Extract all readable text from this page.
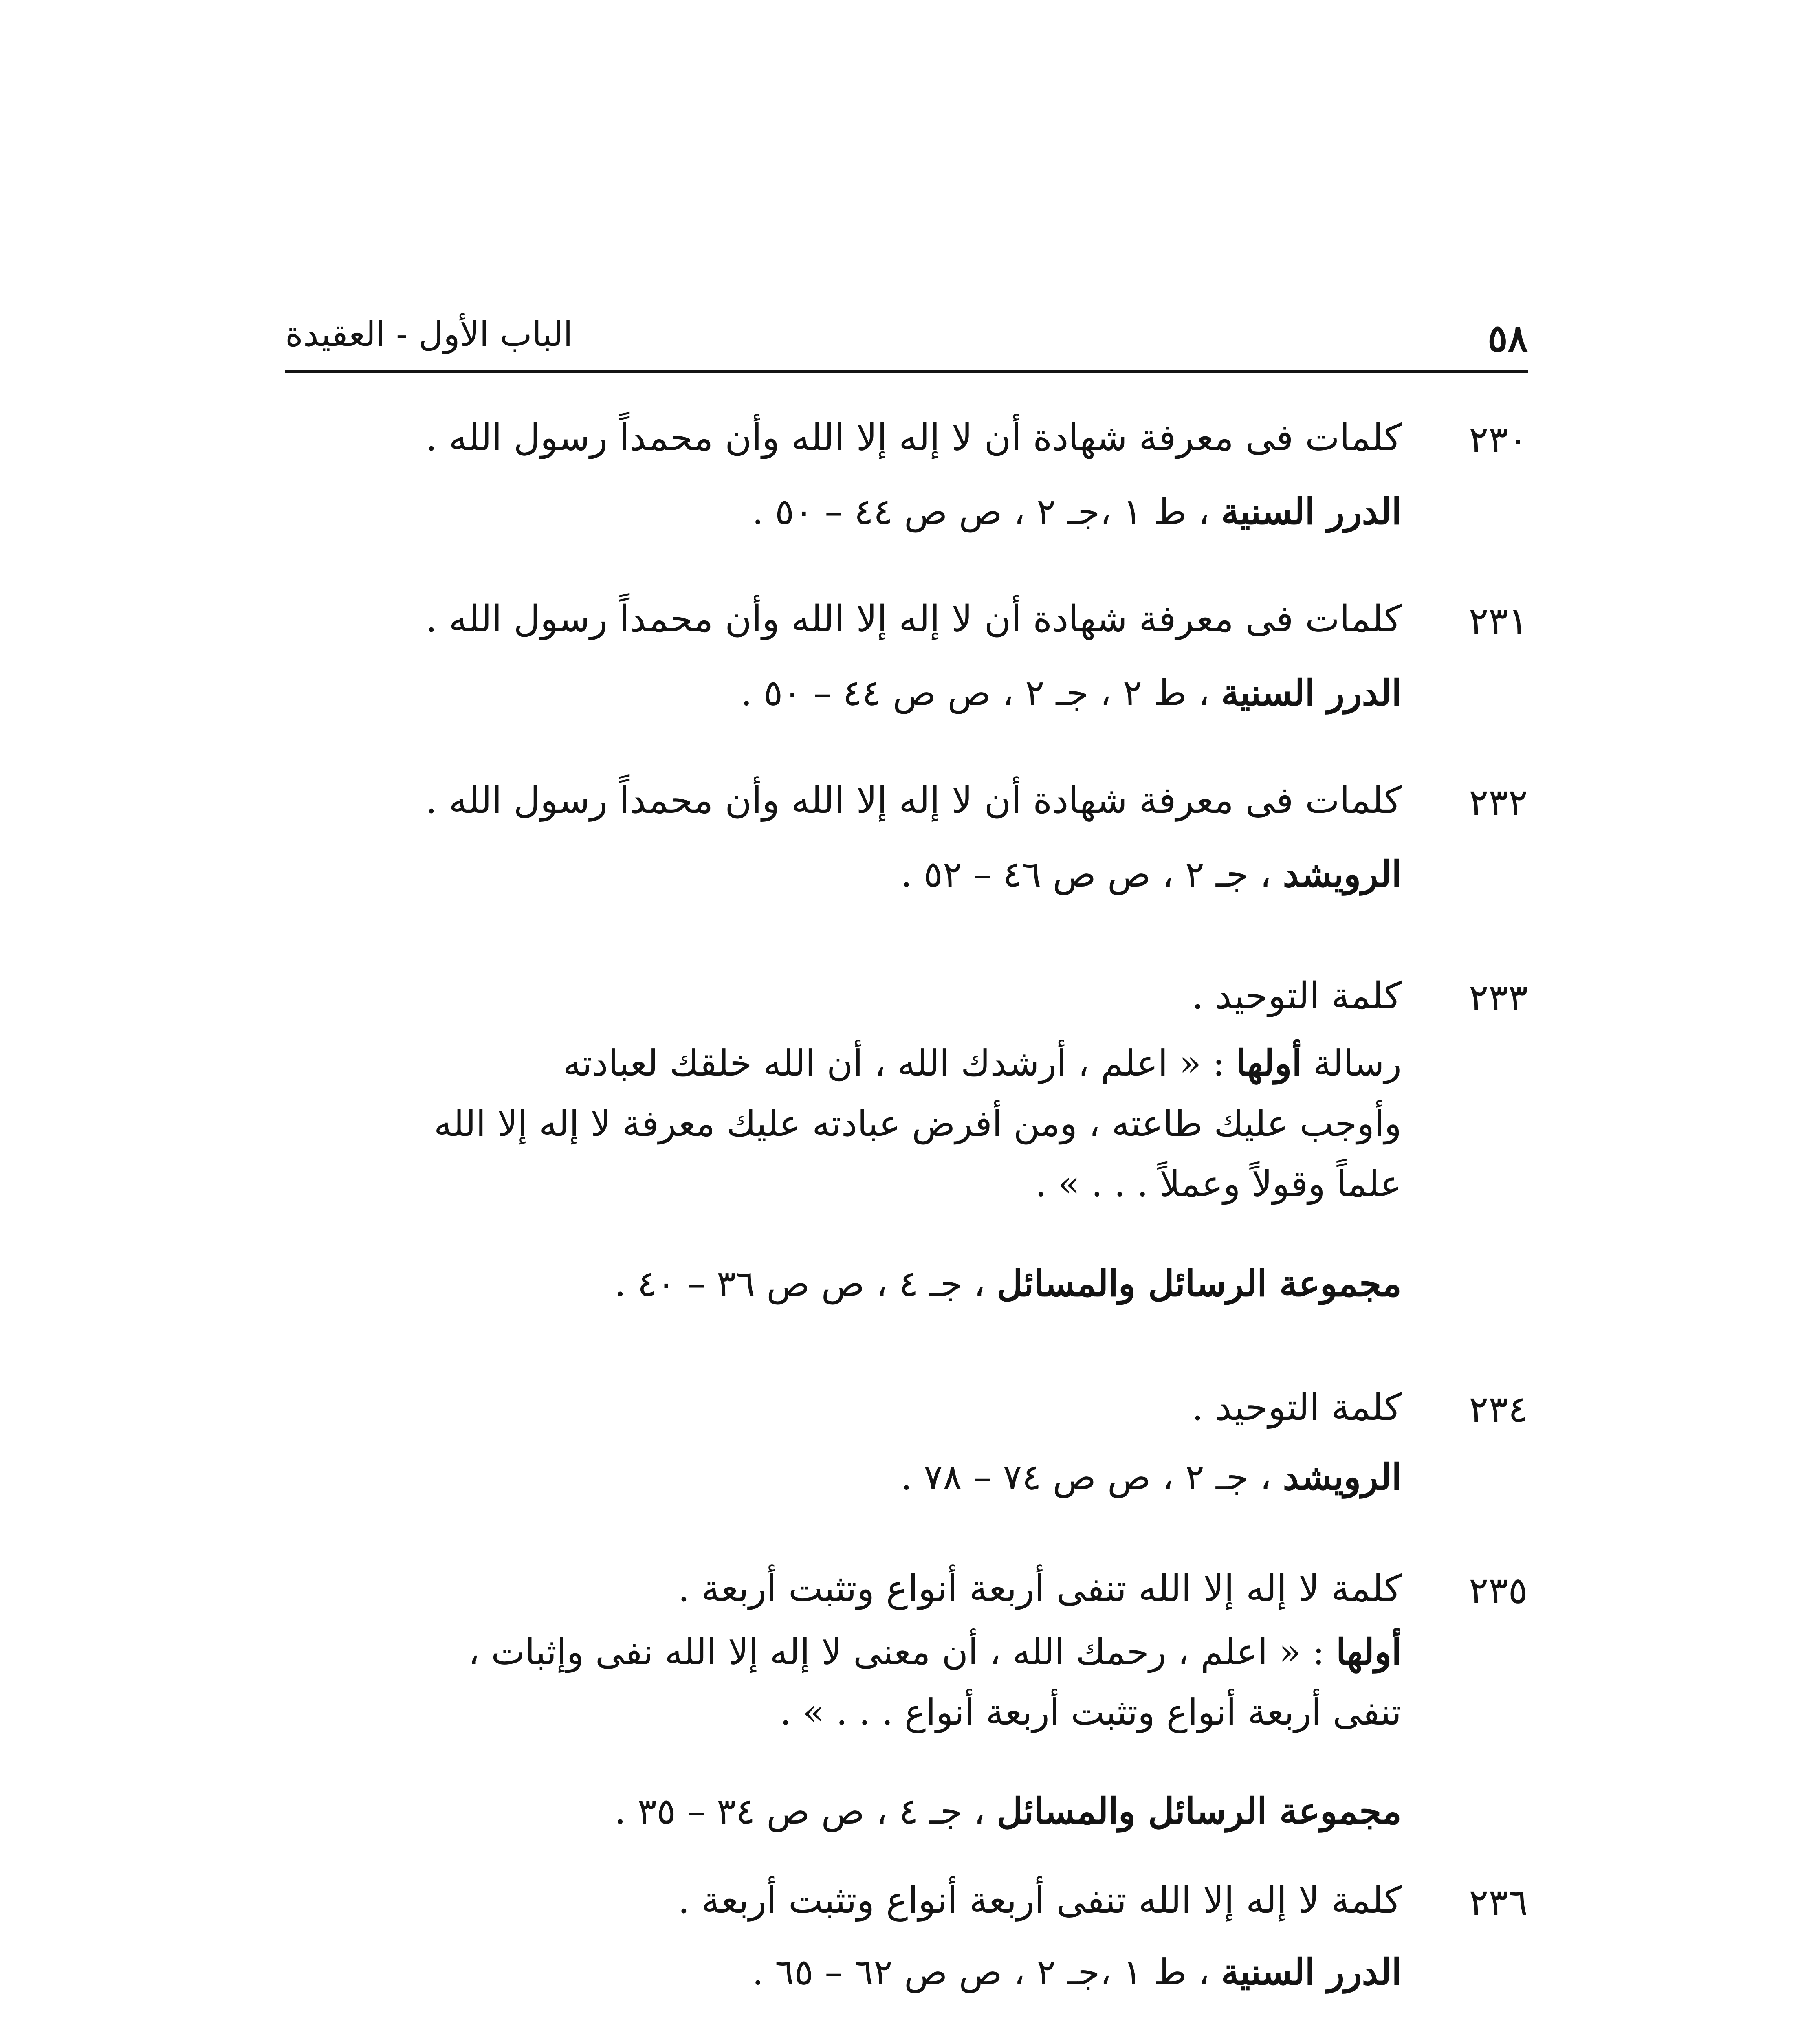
الباب الأول - العقيدة	٥٨
٢٣٠
كلمات فى معرفة شهادة أن لا إله إلا الله وأن محمداً رسول الله .
الدرر السنية ، ط ١ ،جـ ٢ ، ص ص ٤٤ – ٥٠ .
٢٣١
كلمات فى معرفة شهادة أن لا إله إلا الله وأن محمداً رسول الله .
الدرر السنية ، ط ٢ ، جـ ٢ ، ص ص ٤٤ – ٥٠ .
٢٣٢
كلمات فى معرفة شهادة أن لا إله إلا الله وأن محمداً رسول الله .
الرويشد ، جـ ٢ ، ص ص ٤٦ – ٥٢ .
٢٣٣
كلمة التوحيد .
رسالة أولها : « اعلم ، أرشدك الله ، أن الله خلقك لعبادته
وأوجب عليك طاعته ، ومن أفرض عبادته عليك معرفة لا إله إلا الله
علماً وقولاً وعملاً . . . » .
مجموعة الرسائل والمسائل ، جـ ٤ ، ص ص ٣٦ – ٤٠ .
٢٣٤
كلمة التوحيد .
الرويشد ، جـ ٢ ، ص ص ٧٤ – ٧٨ .
٢٣٥
كلمة لا إله إلا الله تنفى أربعة أنواع وتثبت أربعة .
أولها : « اعلم ، رحمك الله ، أن معنى لا إله إلا الله نفى وإثبات ،
تنفى أربعة أنواع وتثبت أربعة أنواع . . . » .
مجموعة الرسائل والمسائل ، جـ ٤ ، ص ص ٣٤ – ٣٥ .
٢٣٦
كلمة لا إله إلا الله تنفى أربعة أنواع وتثبت أربعة .
الدرر السنية ، ط ١ ،جـ ٢ ، ص ص ٦٢ – ٦٥ .
